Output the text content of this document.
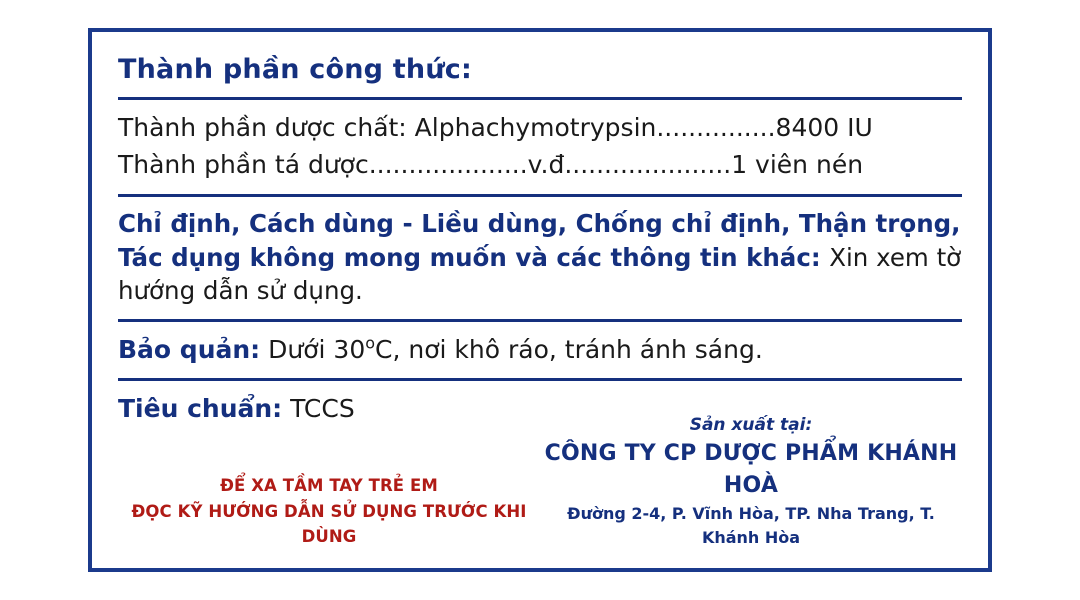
Thành phần công thức:
Thành phần dược chất: Alphachymotrypsin...............8400 IU
Thành phần tá dược....................v.đ.....................1 viên nén
Chỉ định, Cách dùng - Liều dùng, Chống chỉ định, Thận trọng, Tác dụng không mong muốn và các thông tin khác: Xin xem tờ hướng dẫn sử dụng.
Bảo quản: Dưới 30$^o$C, nơi khô ráo, tránh ánh sáng.
Tiêu chuẩn: TCCS
ĐỂ XA TẦM TAY TRẺ EM
ĐỌC KỸ HƯỚNG DẪN SỬ DỤNG TRƯỚC KHI DÙNG
Sản xuất tại:
CÔNG TY CP DƯỢC PHẨM KHÁNH HOÀ
Đường 2-4, P. Vĩnh Hòa, TP. Nha Trang, T. Khánh Hòa
